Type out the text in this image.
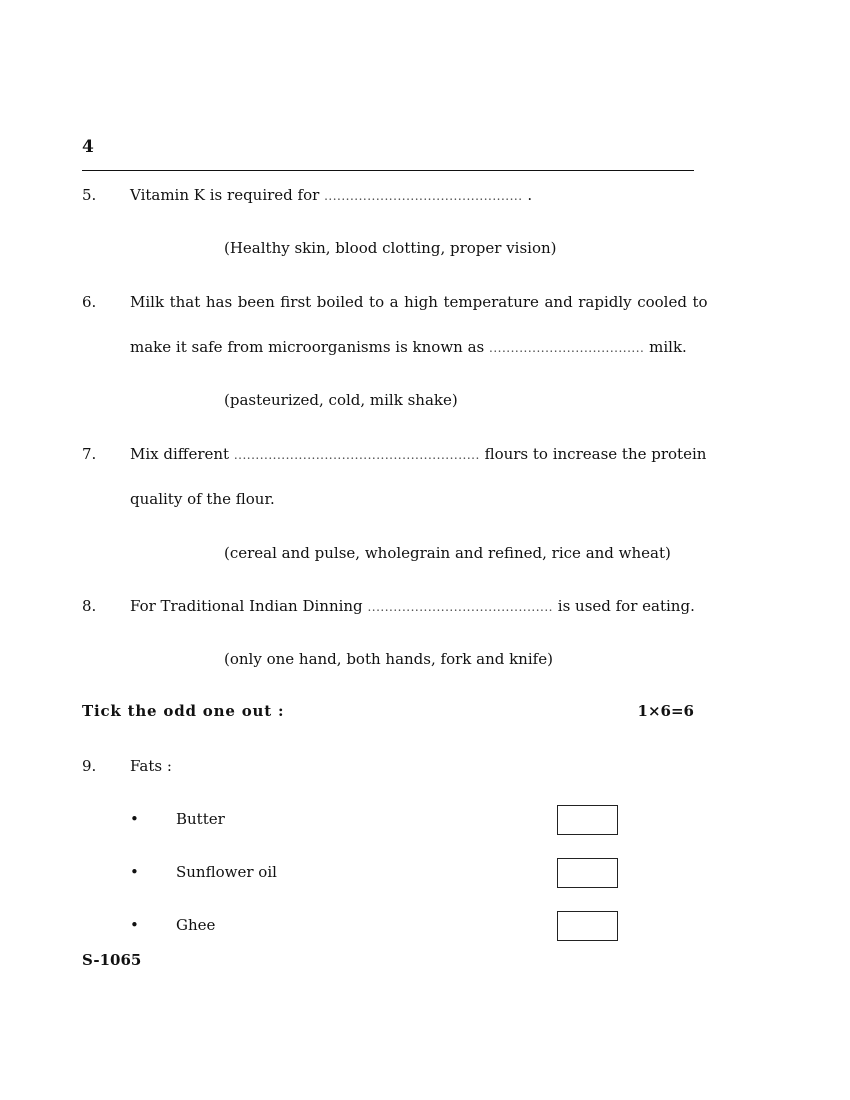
4
5. Vitamin K is required for .............................................. .
(Healthy skin, blood clotting, proper vision)
6. Milk that has been first boiled to a high temperature and rapidly cooled to
make it safe from microorganisms is known as .................................... milk.
(pasteurized, cold, milk shake)
7. Mix different ......................................................... flours to increase the protein
quality of the flour.
(cereal and pulse, wholegrain and refined, rice and wheat)
8. For Traditional Indian Dinning ........................................... is used for eating.
(only one hand, both hands, fork and knife)
Tick the odd one out :	1×6=6
9. Fats :
• Butter
• Sunflower oil
• Ghee
S-1065
